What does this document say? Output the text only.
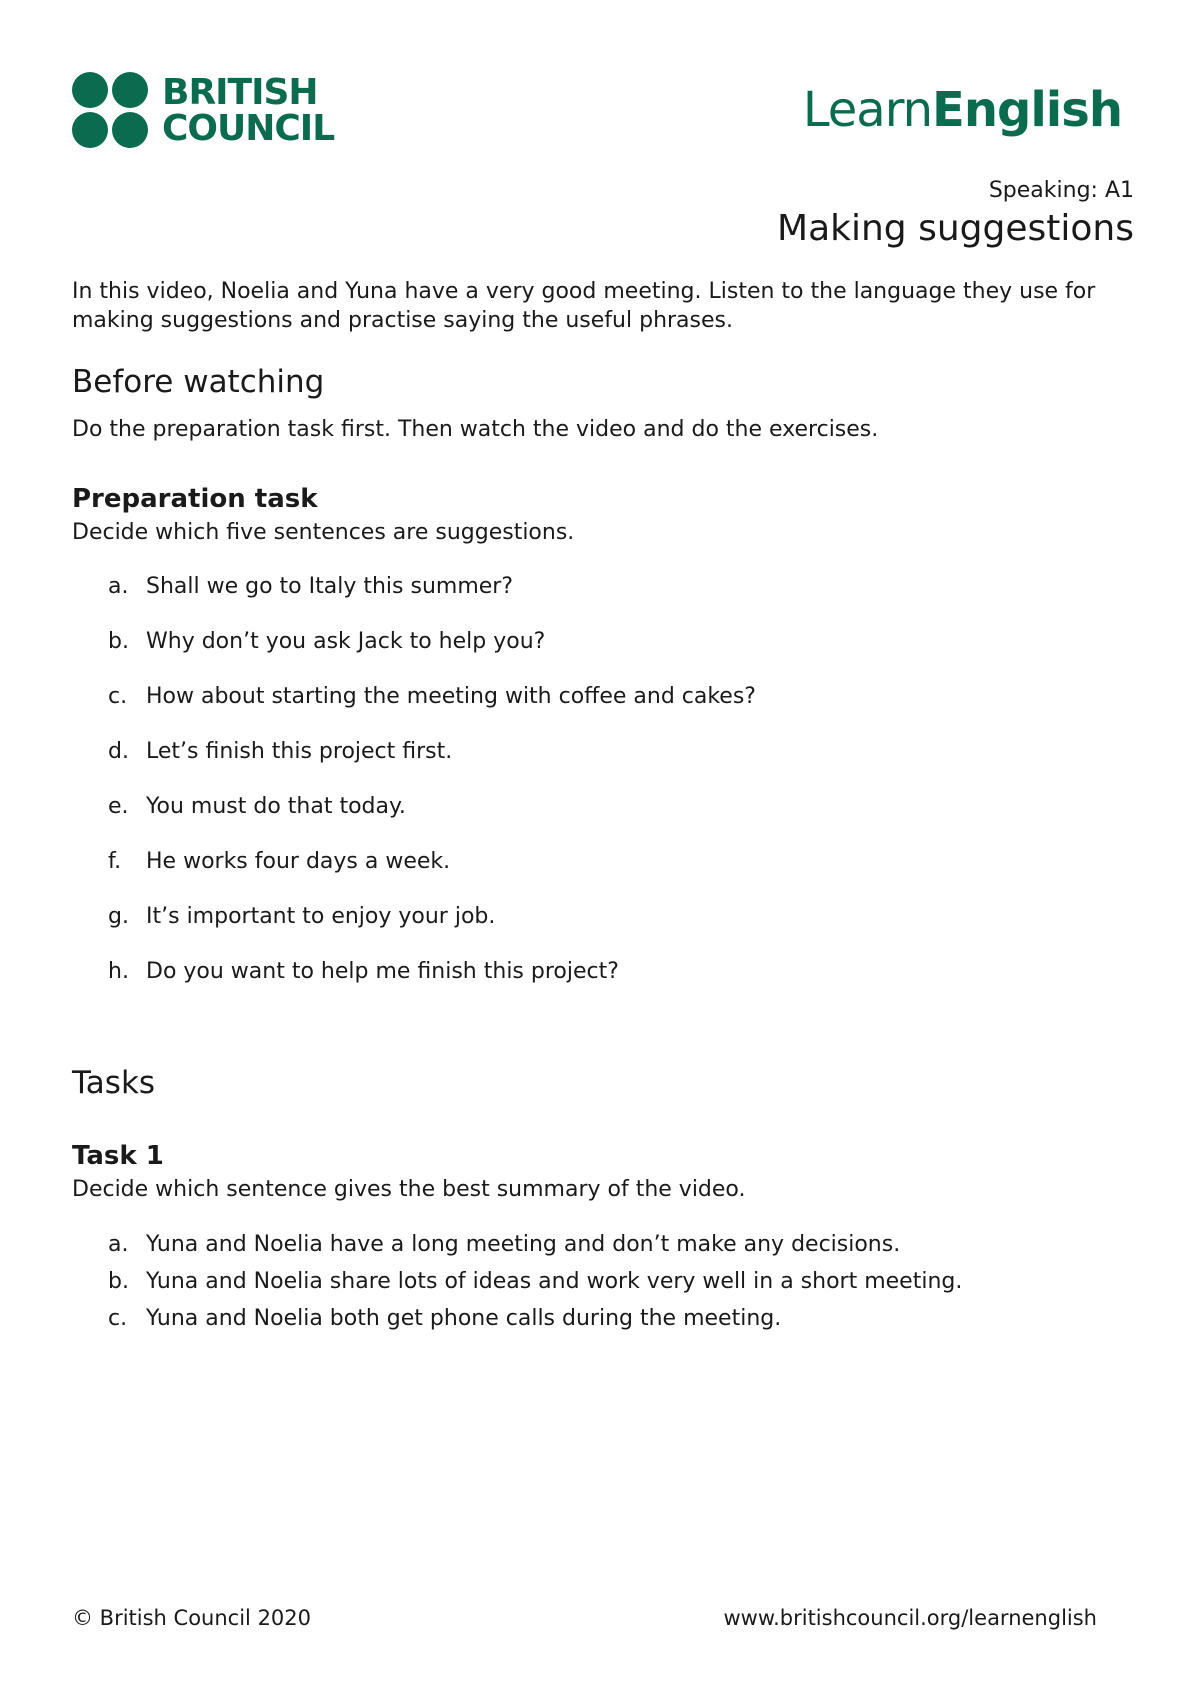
BRITISH
COUNCIL	LearnEnglish
Speaking: A1
Making suggestions
In this video, Noelia and Yuna have a very good meeting. Listen to the language they use for making suggestions and practise saying the useful phrases.
Before watching
Do the preparation task first. Then watch the video and do the exercises.
Preparation task
Decide which five sentences are suggestions.
a. Shall we go to Italy this summer?
b. Why don’t you ask Jack to help you?
c. How about starting the meeting with coffee and cakes?
d. Let’s finish this project first.
e. You must do that today.
f.	He works four days a week.
g. It’s important to enjoy your job.
h. Do you want to help me finish this project?
Tasks
Task 1
Decide which sentence gives the best summary of the video.
a. Yuna and Noelia have a long meeting and don’t make any decisions.
b. Yuna and Noelia share lots of ideas and work very well in a short meeting.
c. Yuna and Noelia both get phone calls during the meeting.
© British Council 2020	www.britishcouncil.org/learnenglish
